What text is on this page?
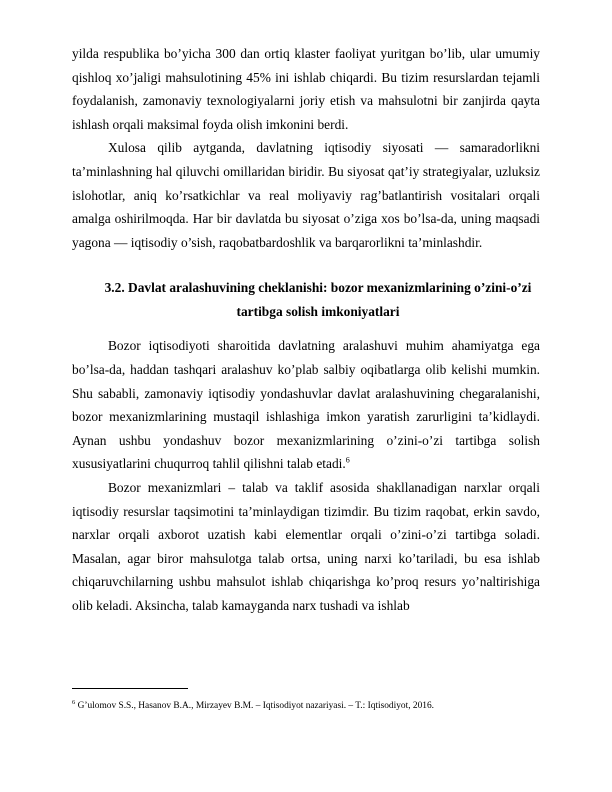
yilda respublika bo’yicha 300 dan ortiq klaster faoliyat yuritgan bo’lib, ular umumiy qishloq xo’jaligi mahsulotining 45% ini ishlab chiqardi. Bu tizim resurslardan tejamli foydalanish, zamonaviy texnologiyalarni joriy etish va mahsulotni bir zanjirda qayta ishlash orqali maksimal foyda olish imkonini berdi.

Xulosa qilib aytganda, davlatning iqtisodiy siyosati — samaradorlikni ta’minlashning hal qiluvchi omillaridan biridir. Bu siyosat qat’iy strategiyalar, uzluksiz islohotlar, aniq ko’rsatkichlar va real moliyaviy rag’batlantirish vositalari orqali amalga oshirilmoqda. Har bir davlatda bu siyosat o’ziga xos bo’lsa-da, uning maqsadi yagona — iqtisodiy o’sish, raqobatbardoshlik va barqarorlikni ta’minlashdir.

3.2. Davlat aralashuvining cheklanishi: bozor mexanizmlarining o’zini-o’zi tartibga solish imkoniyatlari

Bozor iqtisodiyoti sharoitida davlatning aralashuvi muhim ahamiyatga ega bo’lsa-da, haddan tashqari aralashuv ko’plab salbiy oqibatlarga olib kelishi mumkin. Shu sababli, zamonaviy iqtisodiy yondashuvlar davlat aralashuvining chegaralanishi, bozor mexanizmlarining mustaqil ishlashiga imkon yaratish zarurligini ta’kidlaydi. Aynan ushbu yondashuv bozor mexanizmlarining o’zini-o’zi tartibga solish xususiyatlarini chuqurroq tahlil qilishni talab etadi.$^6$

Bozor mexanizmlari – talab va taklif asosida shakllanadigan narxlar orqali iqtisodiy resurslar taqsimotini ta’minlaydigan tizimdir. Bu tizim raqobat, erkin savdo, narxlar orqali axborot uzatish kabi elementlar orqali o’zini-o’zi tartibga soladi. Masalan, agar biror mahsulotga talab ortsa, uning narxi ko’tariladi, bu esa ishlab chiqaruvchilarning ushbu mahsulot ishlab chiqarishga ko’proq resurs yo’naltirishiga olib keladi. Aksincha, talab kamayganda narx tushadi va ishlab

$^6$ G’ulomov S.S., Hasanov B.A., Mirzayev B.M. – Iqtisodiyot nazariyasi. – T.: Iqtisodiyot, 2016.
